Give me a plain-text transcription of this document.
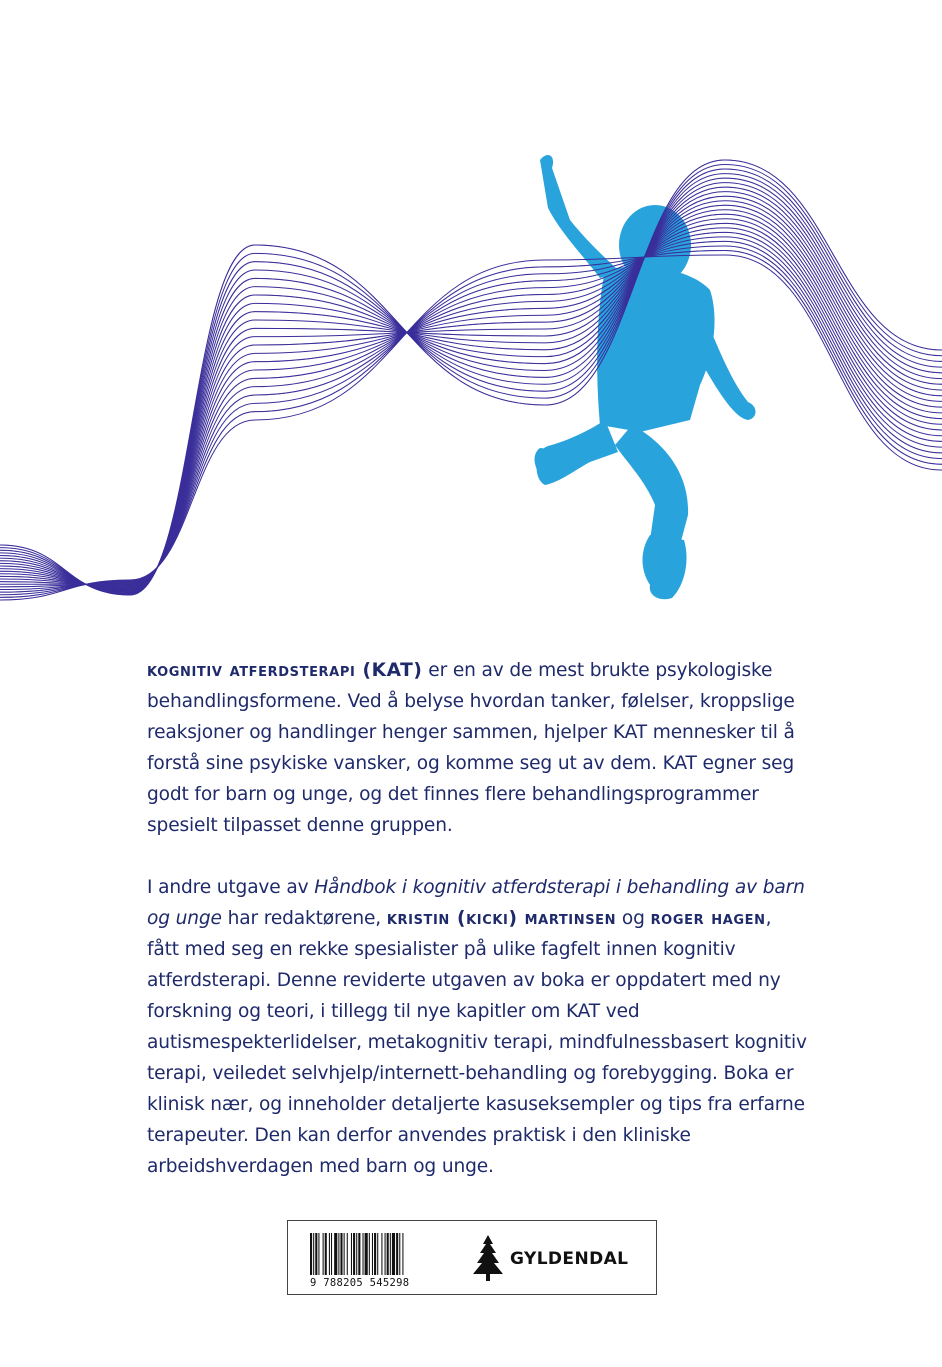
kognitiv atferdsterapi (KAT) er en av de mest brukte psykologiske behandlingsformene. Ved å belyse hvordan tanker, følelser, kroppslige reaksjoner og handlinger henger sammen, hjelper KAT mennesker til å forstå sine psykiske vansker, og komme seg ut av dem. KAT egner seg godt for barn og unge, og det finnes flere behandlingsprogrammer spesielt tilpasset denne gruppen.

I andre utgave av Håndbok i kognitiv atferdsterapi i behandling av barn og unge har redaktørene, kristin (kicki) martinsen og roger hagen, fått med seg en rekke spesialister på ulike fagfelt innen kognitiv atferdsterapi. Denne reviderte utgaven av boka er oppdatert med ny forskning og teori, i tillegg til nye kapitler om KAT ved autismespekterlidelser, metakognitiv terapi, mindfulnessbasert kognitiv terapi, veiledet selvhjelp/internett-behandling og forebygging. Boka er klinisk nær, og inneholder detaljerte kasuseksempler og tips fra erfarne terapeuter. Den kan derfor anvendes praktisk i den kliniske arbeidshverdagen med barn og unge.

9 788205 545298
GYLDENDAL
